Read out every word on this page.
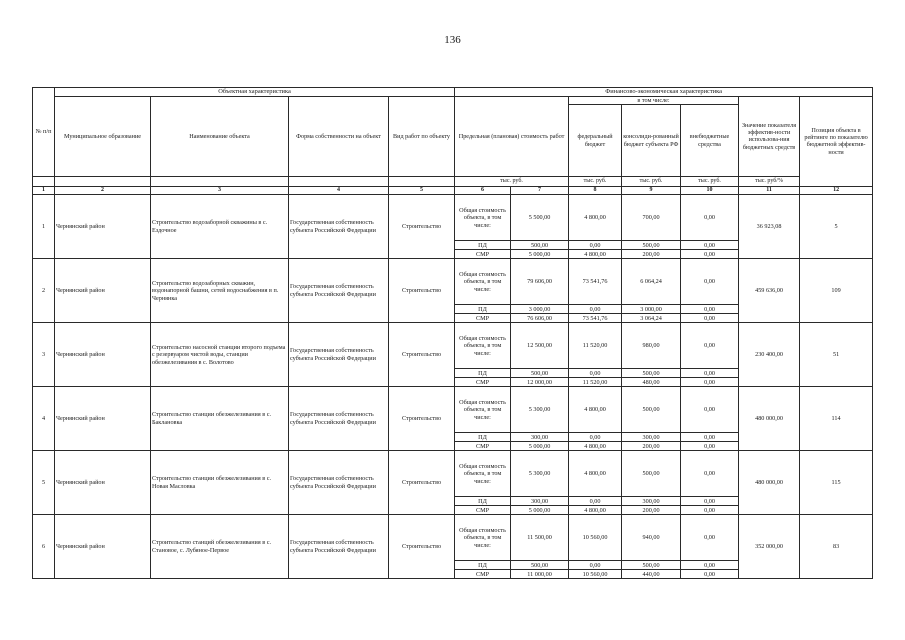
136
№ п/п	Объектная характеристика				Финансово-экономическая характеристика							
	Муниципальное образование	Наименование объекта	Форма собственности на объект	Вид работ по объекту	Предельная (плановая) стоимость работ		в том числе:			Значение показателя эффектив-ности использова-ния бюджетных средств	Позиция объекта в рейтинге по показателю бюджетной эффектив-ности	
							федеральный бюджет	консолиди-рованный бюджет субъекта РФ	внебюджетные средства			
					тыс. руб.		тыс. руб.	тыс. руб.	тыс. руб.	тыс. руб/%		
1	2	3	4	5	6	7	8	9	10	11	12	
1	Чернянский район	Строительство водозаборной скважины в с. Ездочное	Государственная собственность субъекта Российской Федерации	Строительство	Общая стоимость объекта, в том числе:	5 500,00	4 800,00	700,00	0,00	36 923,08	5	
					ПД	500,00	0,00	500,00	0,00			
					СМР	5 000,00	4 800,00	200,00	0,00			
2	Чернянский район	Строительство водозаборных скважин, водонапорной башни, сетей водоснабжения в п. Чернянка	Государственная собственность субъекта Российской Федерации	Строительство	Общая стоимость объекта, в том числе:	79 606,00	73 541,76	6 064,24	0,00	459 636,00	109	
					ПД	3 000,00	0,00	3 000,00	0,00			
					СМР	76 606,00	73 541,76	3 064,24	0,00			
3	Чернянский район	Строительство насосной станции второго подъема с резервуаром чистой воды, станции обезжелезивания в с. Волотово	Государственная собственность субъекта Российской Федерации	Строительство	Общая стоимость объекта, в том числе:	12 500,00	11 520,00	980,00	0,00	230 400,00	51	
					ПД	500,00	0,00	500,00	0,00			
					СМР	12 000,00	11 520,00	480,00	0,00			
4	Чернянский район	Строительство станции обезжелезивания в с. Баклановка	Государственная собственность субъекта Российской Федерации	Строительство	Общая стоимость объекта, в том числе:	5 300,00	4 800,00	500,00	0,00	480 000,00	114	
					ПД	300,00	0,00	300,00	0,00			
					СМР	5 000,00	4 800,00	200,00	0,00			
5	Чернянский район	Строительство станции обезжелезивания в с. Новая Масловка	Государственная собственность субъекта Российской Федерации	Строительство	Общая стоимость объекта, в том числе:	5 300,00	4 800,00	500,00	0,00	480 000,00	115	
					ПД	300,00	0,00	300,00	0,00			
					СМР	5 000,00	4 800,00	200,00	0,00			
6	Чернянский район	Строительство станций обезжелезивания в с. Становое, с. Лубяное-Первое	Государственная собственность субъекта Российской Федерации	Строительство	Общая стоимость объекта, в том числе:	11 500,00	10 560,00	940,00	0,00	352 000,00	83	
					ПД	500,00	0,00	500,00	0,00			
					СМР	11 000,00	10 560,00	440,00	0,00			
